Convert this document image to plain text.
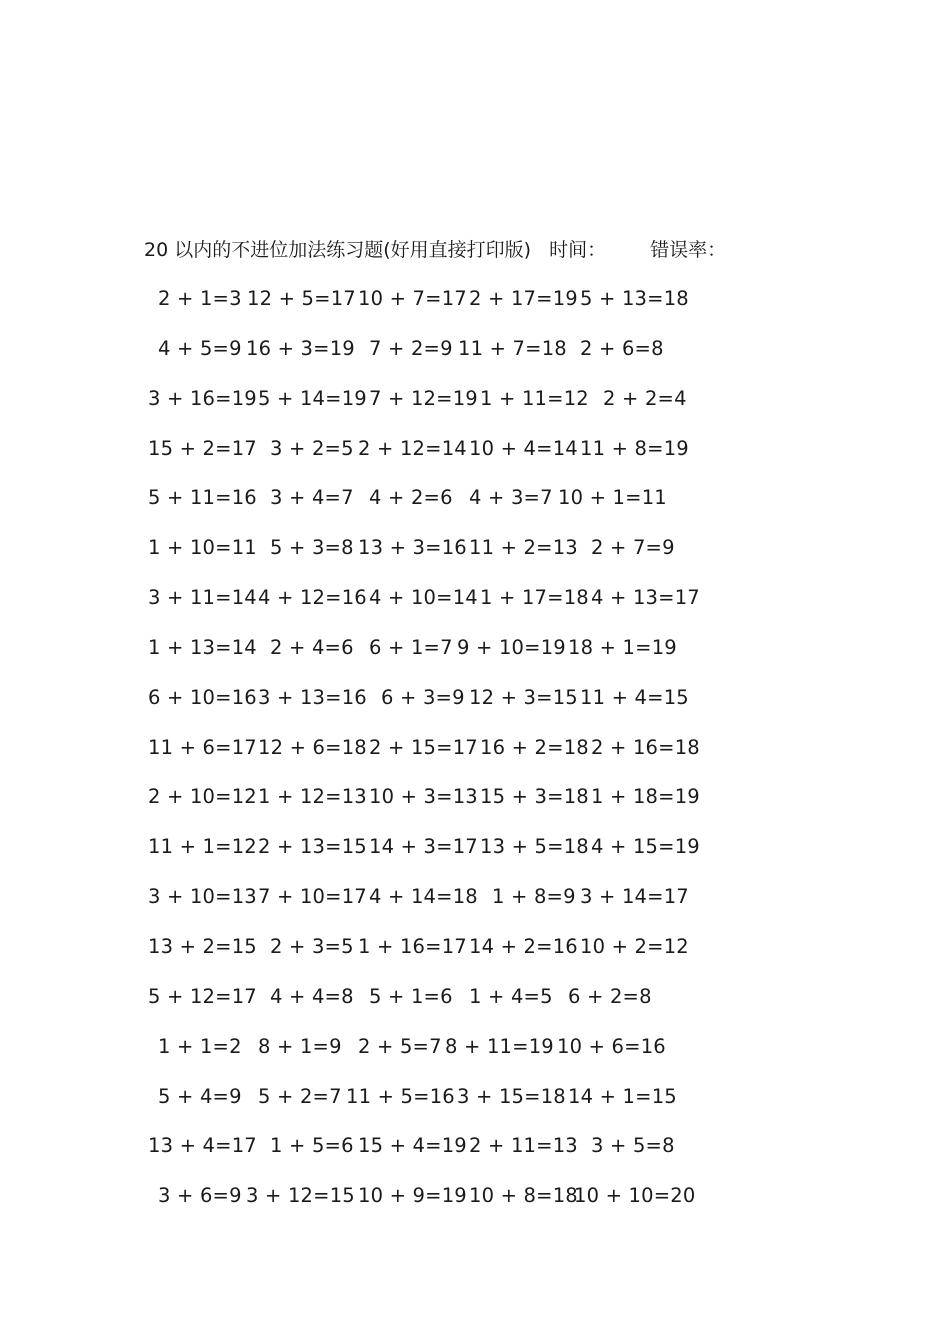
20 以内的不进位加法练习题(好用直接打印版) 时间： 错误率：
2 + 1=3 12 + 5=17 10 + 7=17 2 + 17=19 5 + 13=18
4 + 5=9 16 + 3=19 7 + 2=9 11 + 7=18 2 + 6=8
3 + 16=19 5 + 14=19 7 + 12=19 1 + 11=12 2 + 2=4
15 + 2=17 3 + 2=5 2 + 12=14 10 + 4=14 11 + 8=19
5 + 11=16 3 + 4=7 4 + 2=6 4 + 3=7 10 + 1=11
1 + 10=11 5 + 3=8 13 + 3=16 11 + 2=13 2 + 7=9
3 + 11=14 4 + 12=16 4 + 10=14 1 + 17=18 4 + 13=17
1 + 13=14 2 + 4=6 6 + 1=7 9 + 10=19 18 + 1=19
6 + 10=16 3 + 13=16 6 + 3=9 12 + 3=15 11 + 4=15
11 + 6=17 12 + 6=18 2 + 15=17 16 + 2=18 2 + 16=18
2 + 10=12 1 + 12=13 10 + 3=13 15 + 3=18 1 + 18=19
11 + 1=12 2 + 13=15 14 + 3=17 13 + 5=18 4 + 15=19
3 + 10=13 7 + 10=17 4 + 14=18 1 + 8=9 3 + 14=17
13 + 2=15 2 + 3=5 1 + 16=17 14 + 2=16 10 + 2=12
5 + 12=17 4 + 4=8 5 + 1=6 1 + 4=5 6 + 2=8
1 + 1=2 8 + 1=9 2 + 5=7 8 + 11=19 10 + 6=16
5 + 4=9 5 + 2=7 11 + 5=16 3 + 15=18 14 + 1=15
13 + 4=17 1 + 5=6 15 + 4=19 2 + 11=13 3 + 5=8
3 + 6=9 3 + 12=15 10 + 9=19 10 + 8=18
10 + 10=20
